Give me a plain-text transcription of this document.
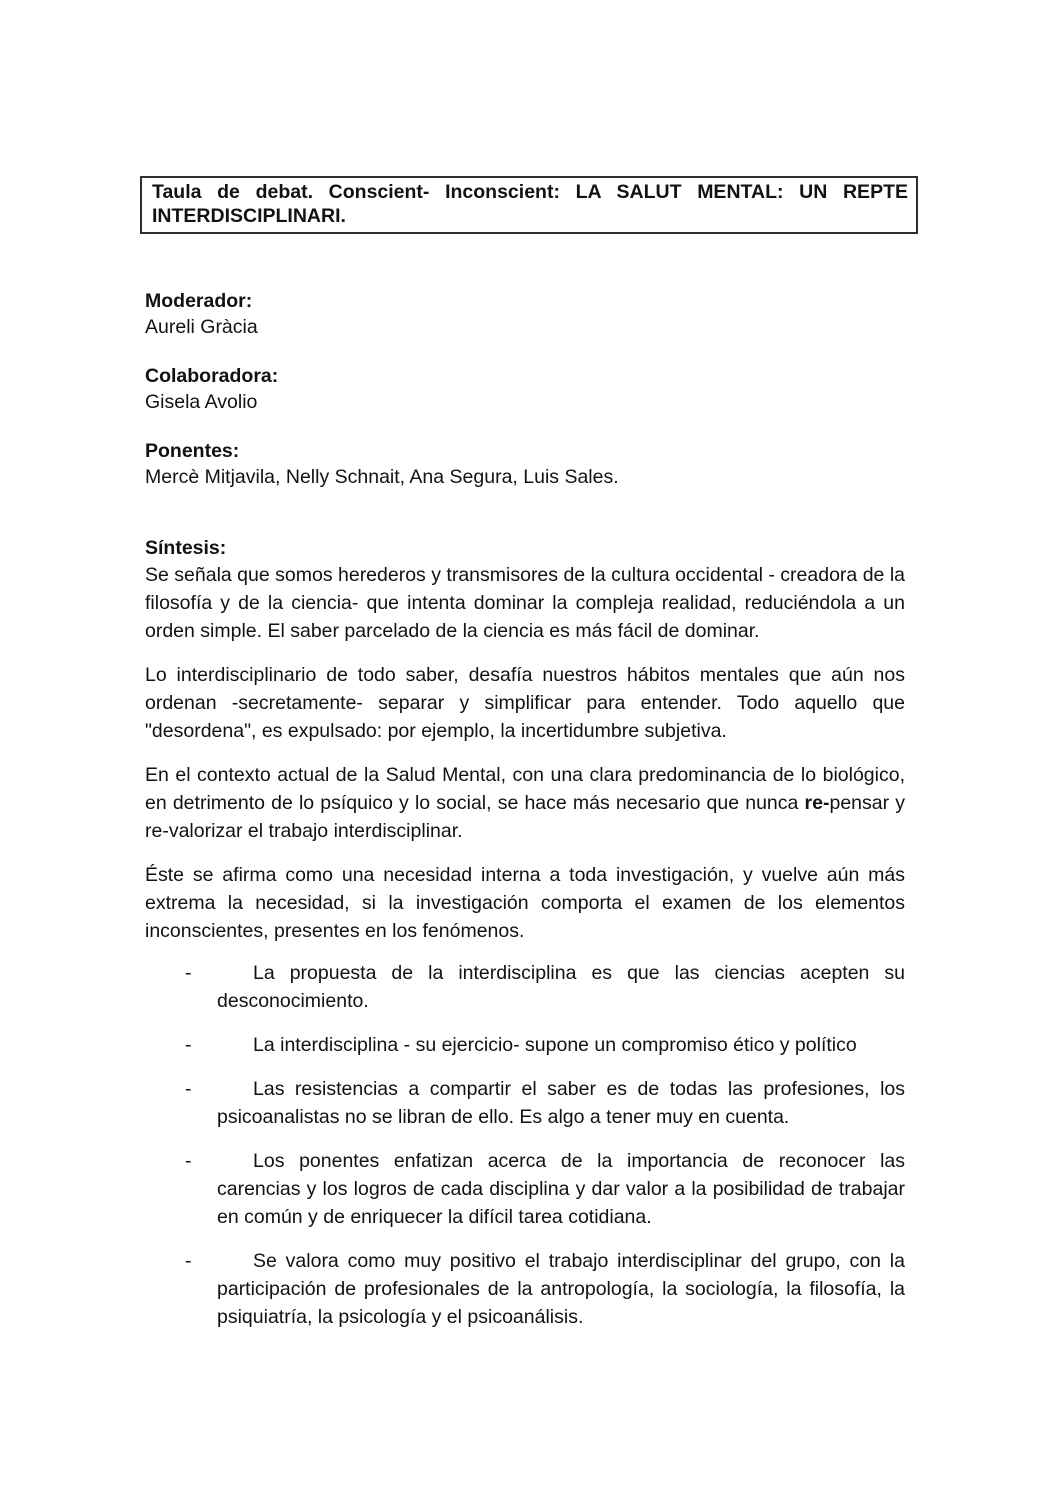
Taula de debat. Conscient- Inconscient: LA SALUT MENTAL: UN REPTE
INTERDISCIPLINARI.
Moderador:
Aureli Gràcia
Colaboradora:
Gisela Avolio
Ponentes:
Mercè Mitjavila, Nelly Schnait, Ana Segura, Luis Sales.
Síntesis:

Se señala que somos herederos y transmisores de la cultura occidental - creadora de la filosofía y de la ciencia- que intenta dominar la compleja realidad, reduciéndola a un orden simple. El saber parcelado de la ciencia es más fácil de dominar.

Lo interdisciplinario de todo saber, desafía nuestros hábitos mentales que aún nos ordenan -secretamente- separar y simplificar para entender. Todo aquello que "desordena", es expulsado: por ejemplo, la incertidumbre subjetiva.

En el contexto actual de la Salud Mental, con una clara predominancia de lo biológico, en detrimento de lo psíquico y lo social, se hace más necesario que nunca re-pensar y re-valorizar el trabajo interdisciplinar.

Éste se afirma como una necesidad interna a toda investigación, y vuelve aún más extrema la necesidad, si la investigación comporta el examen de los elementos inconscientes, presentes en los fenómenos.

-	La propuesta de la interdisciplina es que las ciencias acepten su desconocimiento.
-	La interdisciplina - su ejercicio- supone un compromiso ético y político
-	Las resistencias a compartir el saber es de todas las profesiones, los psicoanalistas no se libran de ello. Es algo a tener muy en cuenta.
-	Los ponentes enfatizan acerca de la importancia de reconocer las carencias y los logros de cada disciplina y dar valor a la posibilidad de trabajar en común y de enriquecer la difícil tarea cotidiana.
-	Se valora como muy positivo el trabajo interdisciplinar del grupo, con la participación de profesionales de la antropología, la sociología, la filosofía, la psiquiatría, la psicología y el psicoanálisis.
